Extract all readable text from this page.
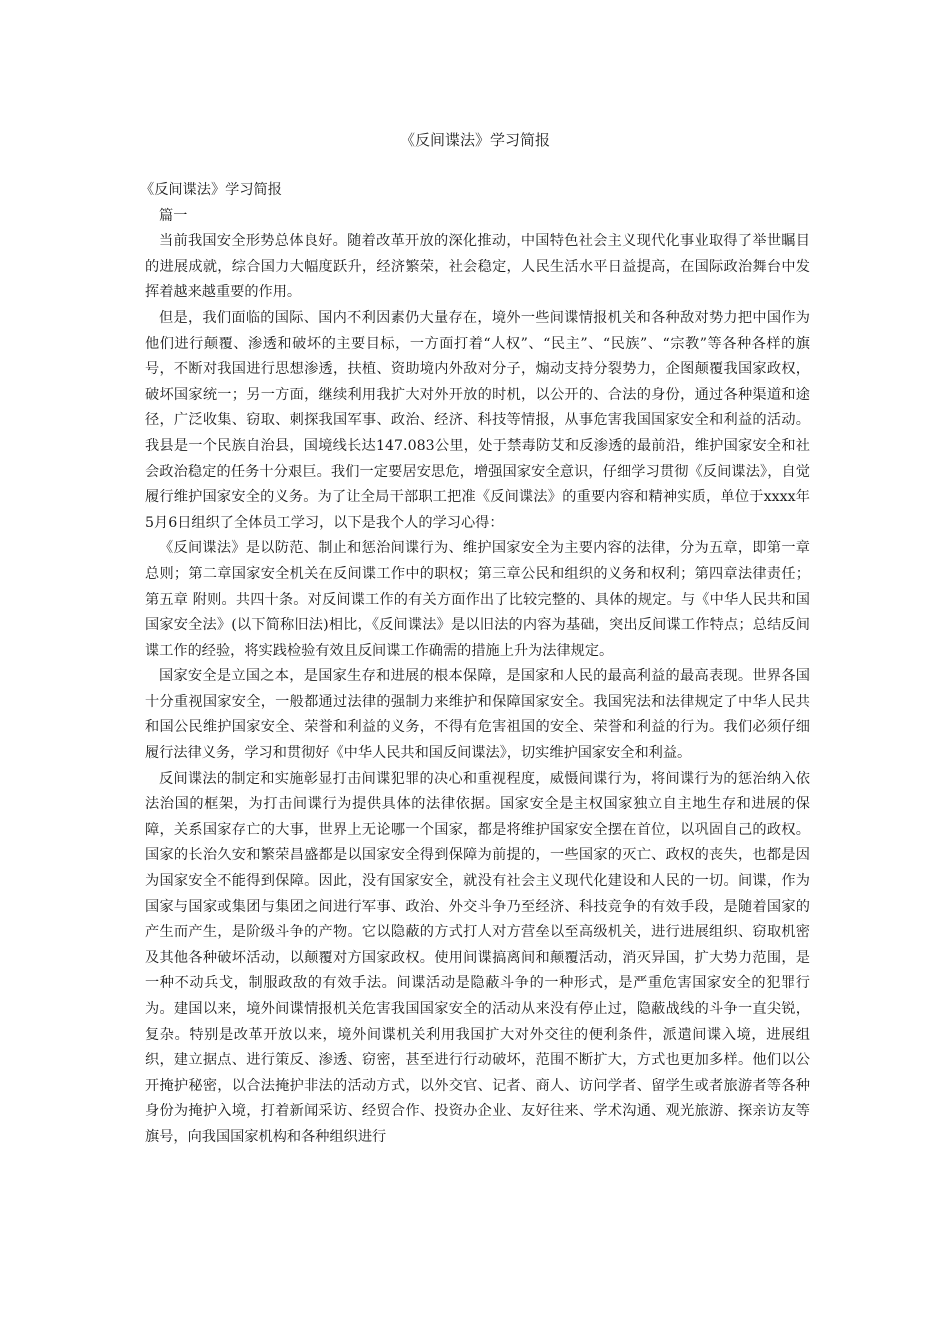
《反间谍法》学习简报

《反间谍法》学习简报

篇一

当前我国安全形势总体良好。随着改革开放的深化推动，中国特色社会主义现代化事业取得了举世瞩目的进展成就，综合国力大幅度跃升，经济繁荣，社会稳定，人民生活水平日益提高，在国际政治舞台中发挥着越来越重要的作用。

但是，我们面临的国际、国内不利因素仍大量存在，境外一些间谍情报机关和各种敌对势力把中国作为他们进行颠覆、渗透和破坏的主要目标，一方面打着“人权”、“民主”、“民族”、“宗教”等各种各样的旗号，不断对我国进行思想渗透，扶植、资助境内外敌对分子，煽动支持分裂势力，企图颠覆我国家政权，破坏国家统一；另一方面，继续利用我扩大对外开放的时机，以公开的、合法的身份，通过各种渠道和途径，广泛收集、窃取、刺探我国军事、政治、经济、科技等情报，从事危害我国国家安全和利益的活动。我县是一个民族自治县，国境线长达147.083公里，处于禁毒防艾和反渗透的最前沿，维护国家安全和社会政治稳定的任务十分艰巨。我们一定要居安思危，增强国家安全意识，仔细学习贯彻《反间谍法》，自觉履行维护国家安全的义务。为了让全局干部职工把准《反间谍法》的重要内容和精神实质，单位于xxxx年5月6日组织了全体员工学习，以下是我个人的学习心得：

《反间谍法》是以防范、制止和惩治间谍行为、维护国家安全为主要内容的法律，分为五章，即第一章总则；第二章国家安全机关在反间谍工作中的职权；第三章公民和组织的义务和权利；第四章法律责任；第五章 附则。共四十条。对反间谍工作的有关方面作出了比较完整的、具体的规定。与《中华人民共和国国家安全法》(以下简称旧法)相比，《反间谍法》是以旧法的内容为基础，突出反间谍工作特点；总结反间谍工作的经验，将实践检验有效且反间谍工作确需的措施上升为法律规定。

国家安全是立国之本，是国家生存和进展的根本保障，是国家和人民的最高利益的最高表现。世界各国十分重视国家安全，一般都通过法律的强制力来维护和保障国家安全。我国宪法和法律规定了中华人民共和国公民维护国家安全、荣誉和利益的义务，不得有危害祖国的安全、荣誉和利益的行为。我们必须仔细履行法律义务，学习和贯彻好《中华人民共和国反间谍法》，切实维护国家安全和利益。

反间谍法的制定和实施彰显打击间谍犯罪的决心和重视程度，威慑间谍行为，将间谍行为的惩治纳入依法治国的框架，为打击间谍行为提供具体的法律依据。国家安全是主权国家独立自主地生存和进展的保障，关系国家存亡的大事，世界上无论哪一个国家，都是将维护国家安全摆在首位，以巩固自己的政权。国家的长治久安和繁荣昌盛都是以国家安全得到保障为前提的，一些国家的灭亡、政权的丧失，也都是因为国家安全不能得到保障。因此，没有国家安全，就没有社会主义现代化建设和人民的一切。间谍，作为国家与国家或集团与集团之间进行军事、政治、外交斗争乃至经济、科技竞争的有效手段，是随着国家的产生而产生，是阶级斗争的产物。它以隐蔽的方式打人对方营垒以至高级机关，进行进展组织、窃取机密及其他各种破坏活动，以颠覆对方国家政权。使用间谍搞离间和颠覆活动，消灭异国，扩大势力范围，是一种不动兵戈，制服政敌的有效手法。间谍活动是隐蔽斗争的一种形式，是严重危害国家安全的犯罪行为。建国以来，境外间谍情报机关危害我国国家安全的活动从来没有停止过，隐蔽战线的斗争一直尖锐，复杂。特别是改革开放以来，境外间谍机关利用我国扩大对外交往的便利条件，派遣间谍入境，进展组织，建立据点、进行策反、渗透、窃密，甚至进行行动破坏，范围不断扩大，方式也更加多样。他们以公开掩护秘密，以合法掩护非法的活动方式，以外交官、记者、商人、访问学者、留学生或者旅游者等各种身份为掩护入境，打着新闻采访、经贸合作、投资办企业、友好往来、学术沟通、观光旅游、探亲访友等旗号，向我国国家机构和各种组织进行
